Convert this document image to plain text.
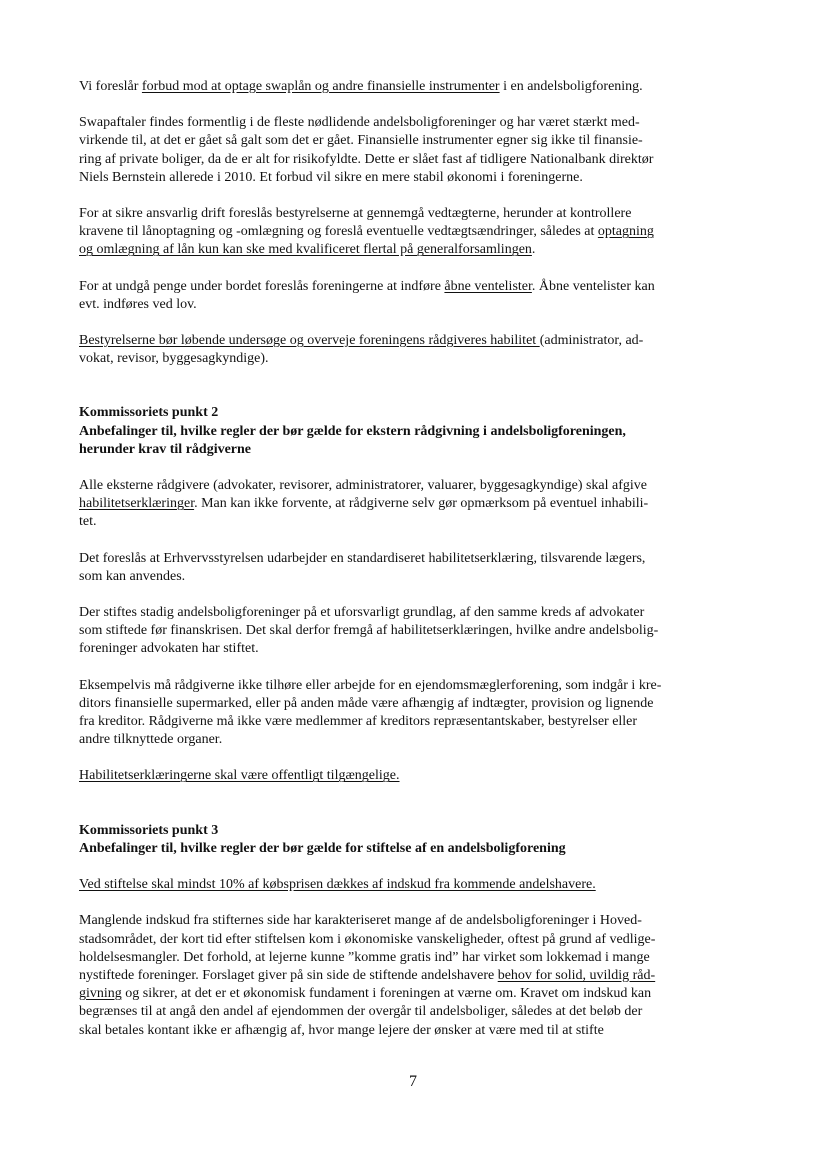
Vi foreslår forbud mod at optage swaplån og andre finansielle instrumenter i en andelsboligforening.

Swapaftaler findes formentlig i de fleste nødlidende andelsboligforeninger og har været stærkt med-

virkende til, at det er gået så galt som det er gået. Finansielle instrumenter egner sig ikke til finansie-

ring af private boliger, da de er alt for risikofyldte. Dette er slået fast af tidligere Nationalbank direktør

Niels Bernstein allerede i 2010. Et forbud vil sikre en mere stabil økonomi i foreningerne.

For at sikre ansvarlig drift foreslås bestyrelserne at gennemgå vedtægterne, herunder at kontrollere

kravene til lånoptagning og -omlægning og foreslå eventuelle vedtægtsændringer, således at optagning

og omlægning af lån kun kan ske med kvalificeret flertal på generalforsamlingen.

For at undgå penge under bordet foreslås foreningerne at indføre åbne ventelister. Åbne ventelister kan

evt. indføres ved lov.

Bestyrelserne bør løbende undersøge og overveje foreningens rådgiveres habilitet (administrator, ad-

vokat, revisor, byggesagkyndige).

Kommissoriets punkt 2

Anbefalinger til, hvilke regler der bør gælde for ekstern rådgivning i andelsboligforeningen,

herunder krav til rådgiverne

Alle eksterne rådgivere (advokater, revisorer, administratorer, valuarer, byggesagkyndige) skal afgive

habilitetserklæringer. Man kan ikke forvente, at rådgiverne selv gør opmærksom på eventuel inhabili-

tet.

Det foreslås at Erhvervsstyrelsen udarbejder en standardiseret habilitetserklæring, tilsvarende lægers,

som kan anvendes.

Der stiftes stadig andelsboligforeninger på et uforsvarligt grundlag, af den samme kreds af advokater

som stiftede før finanskrisen. Det skal derfor fremgå af habilitetserklæringen, hvilke andre andelsbolig-

foreninger advokaten har stiftet.

Eksempelvis må rådgiverne ikke tilhøre eller arbejde for en ejendomsmæglerforening, som indgår i kre-

ditors finansielle supermarked, eller på anden måde være afhængig af indtægter, provision og lignende

fra kreditor. Rådgiverne må ikke være medlemmer af kreditors repræsentantskaber, bestyrelser eller

andre tilknyttede organer.

Habilitetserklæringerne skal være offentligt tilgængelige.

Kommissoriets punkt 3

Anbefalinger til, hvilke regler der bør gælde for stiftelse af en andelsboligforening

Ved stiftelse skal mindst 10% af købsprisen dækkes af indskud fra kommende andelshavere.

Manglende indskud fra stifternes side har karakteriseret mange af de andelsboligforeninger i Hoved-

stadsområdet, der kort tid efter stiftelsen kom i økonomiske vanskeligheder, oftest på grund af vedlige-

holdelsesmangler. Det forhold, at lejerne kunne ”komme gratis ind” har virket som lokkemad i mange

nystiftede foreninger. Forslaget giver på sin side de stiftende andelshavere behov for solid, uvildig råd-

givning og sikrer, at det er et økonomisk fundament i foreningen at værne om. Kravet om indskud kan

begrænses til at angå den andel af ejendommen der overgår til andelsboliger, således at det beløb der

skal betales kontant ikke er afhængig af, hvor mange lejere der ønsker at være med til at stifte

7
